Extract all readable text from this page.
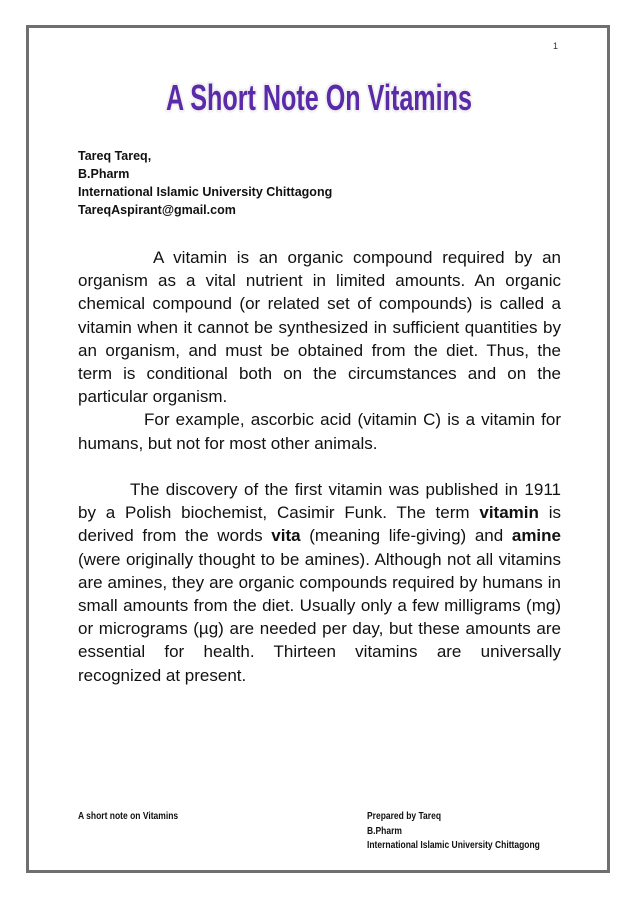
1
A Short Note On Vitamins
Tareq Tareq,
B.Pharm
International Islamic University Chittagong
TareqAspirant@gmail.com

A vitamin is an organic compound required by an organism as a vital nutrient in limited amounts. An organic chemical compound (or related set of compounds) is called a vitamin when it cannot be synthesized in sufficient quantities by an organism, and must be obtained from the diet. Thus, the term is conditional both on the circumstances and on the particular organism.

For example, ascorbic acid (vitamin C) is a vitamin for humans, but not for most other animals.

The discovery of the first vitamin was published in 1911 by a Polish biochemist, Casimir Funk. The term vitamin is derived from the words vita (meaning life-giving) and amine (were originally thought to be amines). Although not all vitamins are amines, they are organic compounds required by humans in small amounts from the diet. Usually only a few milligrams (mg) or micrograms (µg) are needed per day, but these amounts are essential for health. Thirteen vitamins are universally recognized at present.

A short note on Vitamins	Prepared by Tareq
B.Pharm
International Islamic University Chittagong
